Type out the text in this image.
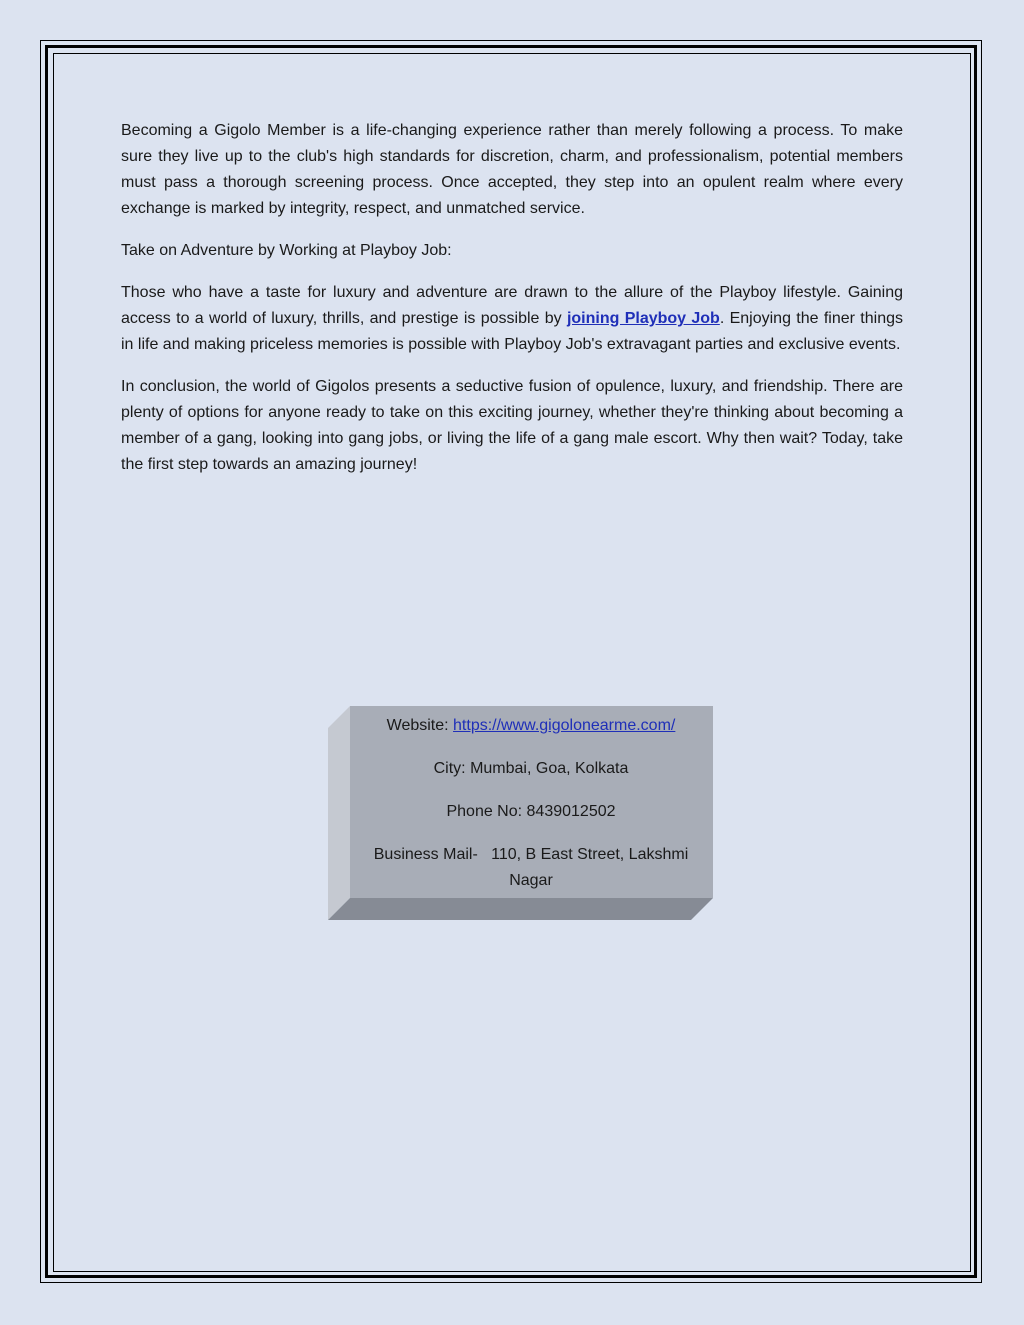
Becoming a Gigolo Member is a life-changing experience rather than merely following a process. To make sure they live up to the club's high standards for discretion, charm, and professionalism, potential members must pass a thorough screening process. Once accepted, they step into an opulent realm where every exchange is marked by integrity, respect, and unmatched service.

Take on Adventure by Working at Playboy Job:

Those who have a taste for luxury and adventure are drawn to the allure of the Playboy lifestyle. Gaining access to a world of luxury, thrills, and prestige is possible by joining Playboy Job. Enjoying the finer things in life and making priceless memories is possible with Playboy Job's extravagant parties and exclusive events.

In conclusion, the world of Gigolos presents a seductive fusion of opulence, luxury, and friendship. There are plenty of options for anyone ready to take on this exciting journey, whether they're thinking about becoming a member of a gang, looking into gang jobs, or living the life of a gang male escort. Why then wait? Today, take the first step towards an amazing journey!

Website: https://www.gigolonearme.com/

City: Mumbai, Goa, Kolkata

Phone No: 8439012502

Business Mail-   110, B East Street, Lakshmi
Nagar
